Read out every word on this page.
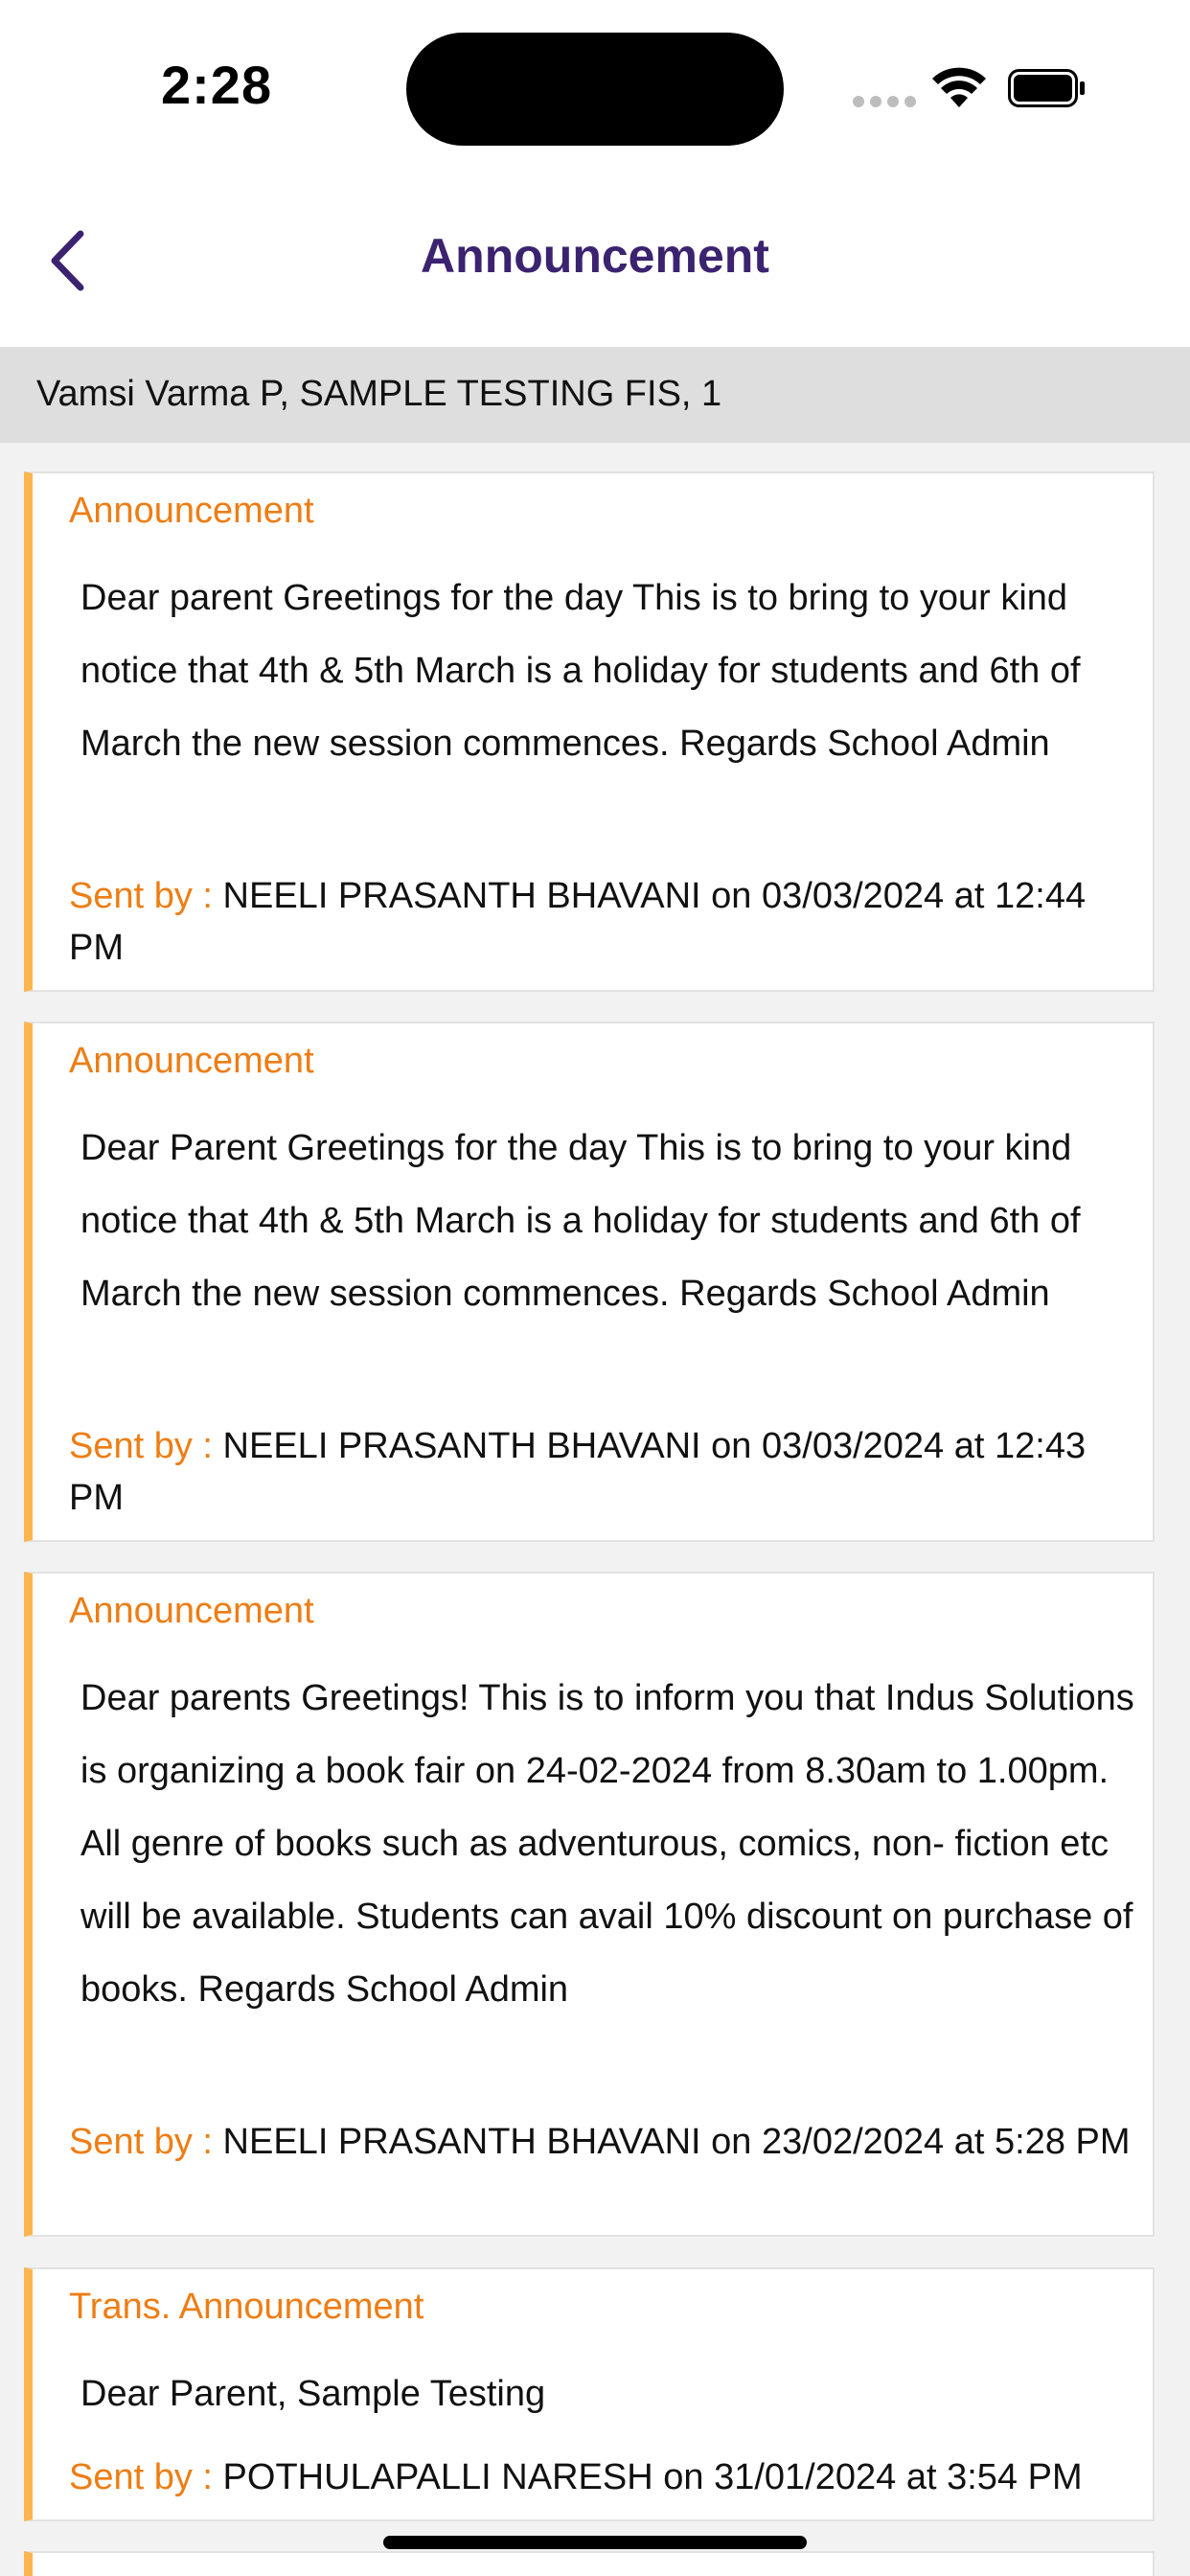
2:28
Announcement
Vamsi Varma P, SAMPLE TESTING FIS, 1
Announcement
Dear parent Greetings for the day This is to bring to your kind notice that 4th & 5th March is a holiday for students and 6th of March the new session commences. Regards School Admin
Sent by : NEELI PRASANTH BHAVANI on 03/03/2024 at 12:44 PM
Announcement
Dear Parent Greetings for the day This is to bring to your kind notice that 4th & 5th March is a holiday for students and 6th of March the new session commences. Regards School Admin
Sent by : NEELI PRASANTH BHAVANI on 03/03/2024 at 12:43 PM
Announcement
Dear parents Greetings! This is to inform you that Indus Solutions is organizing a book fair on 24-02-2024 from 8.30am to 1.00pm. All genre of books such as adventurous, comics, non- fiction etc will be available. Students can avail 10% discount on purchase of books. Regards School Admin
Sent by : NEELI PRASANTH BHAVANI on 23/02/2024 at 5:28 PM
Trans. Announcement
Dear Parent, Sample Testing
Sent by : POTHULAPALLI NARESH on 31/01/2024 at 3:54 PM
